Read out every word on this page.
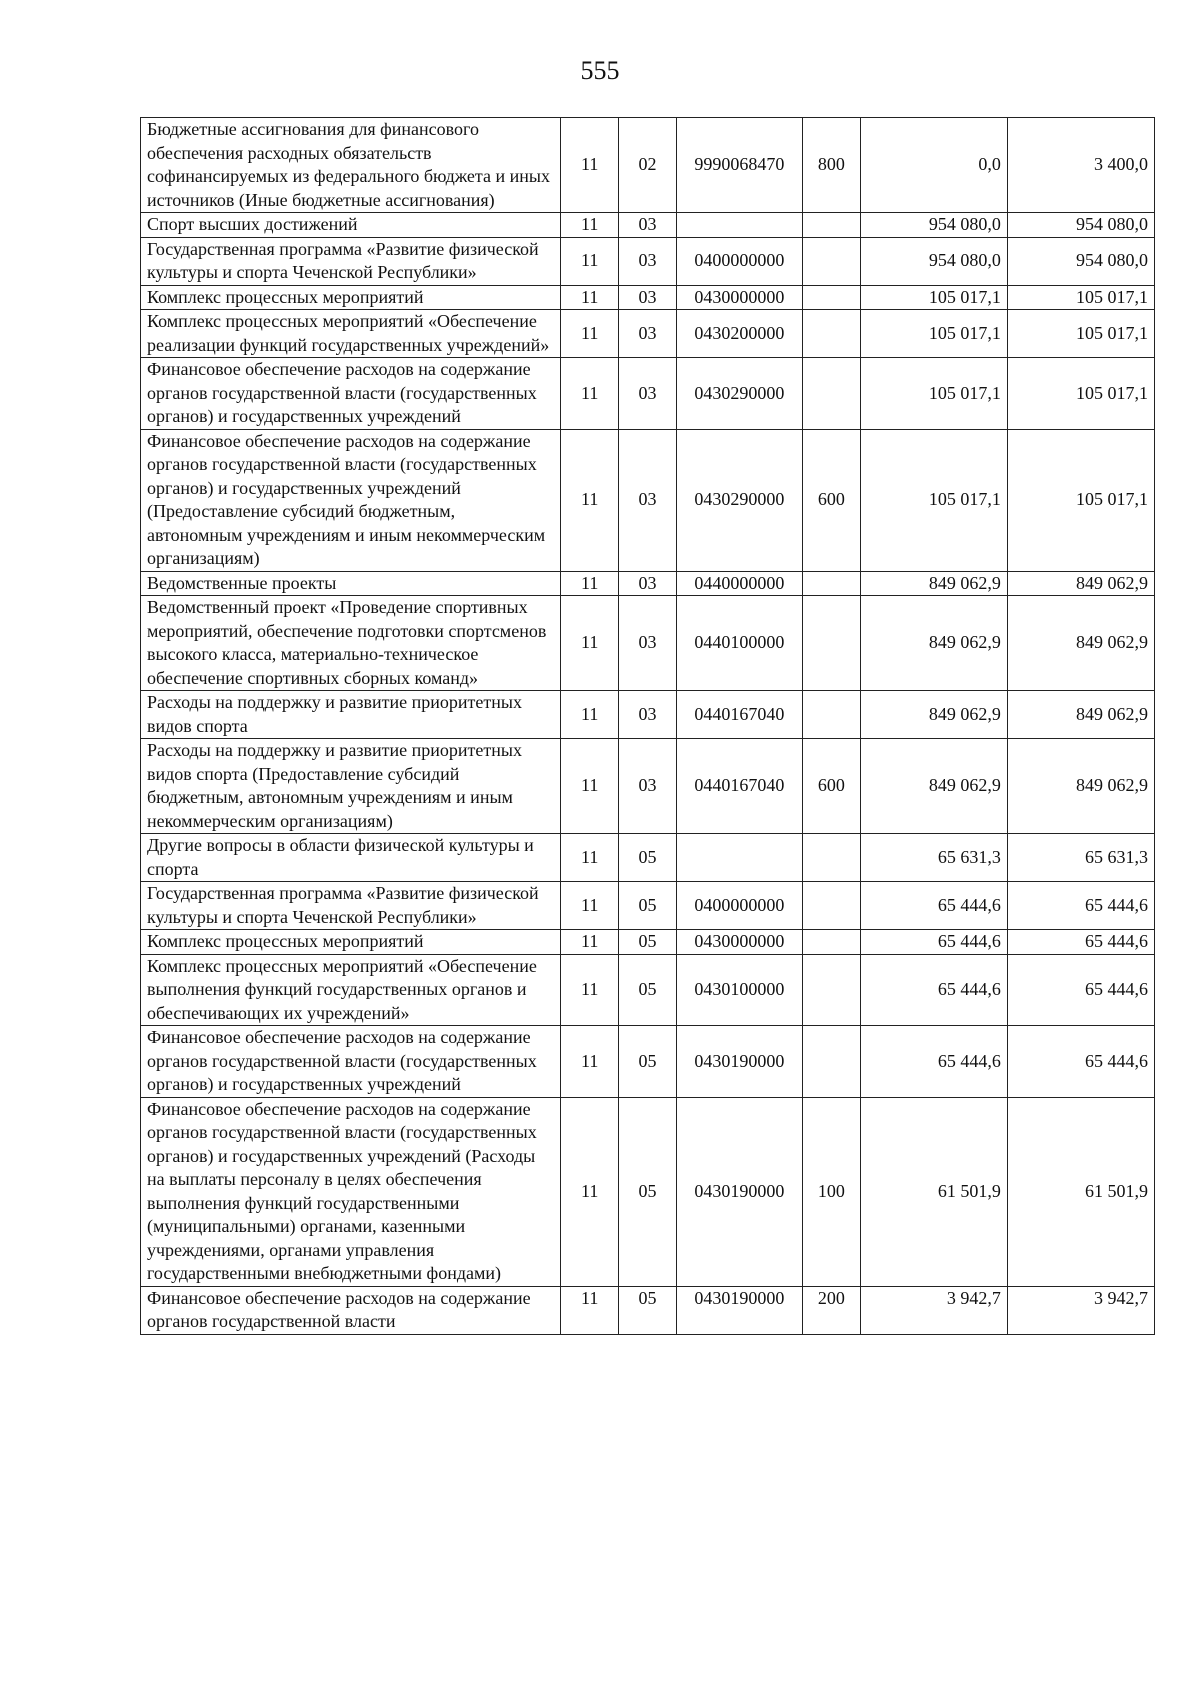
555
Бюджетные ассигнования для финансового обеспечения расходных обязательств софинансируемых из федерального бюджета и иных источников (Иные бюджетные ассигнования)	11	02	9990068470	800	0,0	3 400,0
Спорт высших достижений	11	03			954 080,0	954 080,0
Государственная программа «Развитие физической культуры и спорта Чеченской Республики»	11	03	0400000000		954 080,0	954 080,0
Комплекс процессных мероприятий	11	03	0430000000		105 017,1	105 017,1
Комплекс процессных мероприятий «Обеспечение реализации функций государственных учреждений»	11	03	0430200000		105 017,1	105 017,1
Финансовое обеспечение расходов на содержание органов государственной власти (государственных органов) и государственных учреждений	11	03	0430290000		105 017,1	105 017,1
Финансовое обеспечение расходов на содержание органов государственной власти (государственных органов) и государственных учреждений (Предоставление субсидий бюджетным, автономным учреждениям и иным некоммерческим организациям)	11	03	0430290000	600	105 017,1	105 017,1
Ведомственные проекты	11	03	0440000000		849 062,9	849 062,9
Ведомственный проект «Проведение спортивных мероприятий, обеспечение подготовки спортсменов высокого класса, материально-техническое обеспечение спортивных сборных команд»	11	03	0440100000		849 062,9	849 062,9
Расходы на поддержку и развитие приоритетных видов спорта	11	03	0440167040		849 062,9	849 062,9
Расходы на поддержку и развитие приоритетных видов спорта (Предоставление субсидий бюджетным, автономным учреждениям и иным некоммерческим организациям)	11	03	0440167040	600	849 062,9	849 062,9
Другие вопросы в области физической культуры и спорта	11	05			65 631,3	65 631,3
Государственная программа «Развитие физической культуры и спорта Чеченской Республики»	11	05	0400000000		65 444,6	65 444,6
Комплекс процессных мероприятий	11	05	0430000000		65 444,6	65 444,6
Комплекс процессных мероприятий «Обеспечение выполнения функций государственных органов и обеспечивающих их учреждений»	11	05	0430100000		65 444,6	65 444,6
Финансовое обеспечение расходов на содержание органов государственной власти (государственных органов) и государственных учреждений	11	05	0430190000		65 444,6	65 444,6
Финансовое обеспечение расходов на содержание органов государственной власти (государственных органов) и государственных учреждений (Расходы на выплаты персоналу в целях обеспечения выполнения функций государственными (муниципальными) органами, казенными учреждениями, органами управления государственными внебюджетными фондами)	11	05	0430190000	100	61 501,9	61 501,9
Финансовое обеспечение расходов на содержание органов государственной власти	11	05	0430190000	200	3 942,7	3 942,7
